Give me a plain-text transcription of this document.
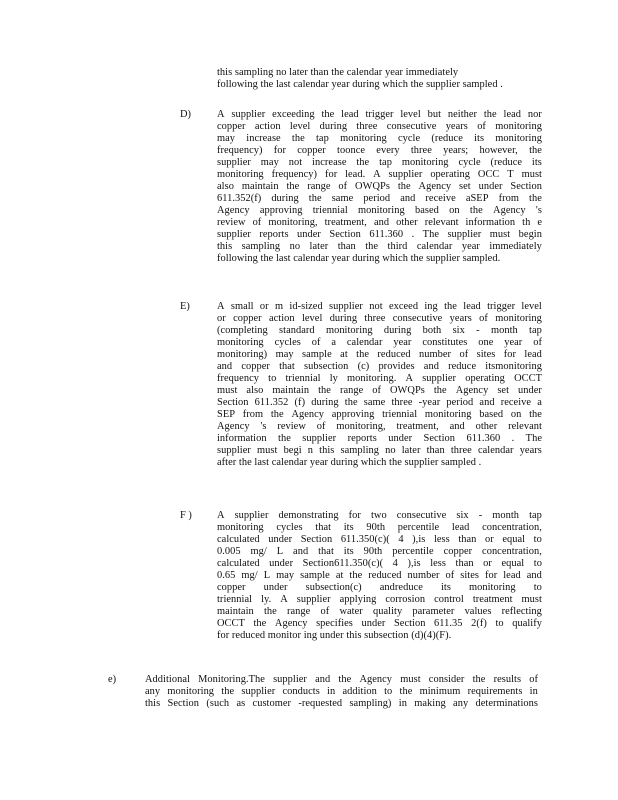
this sampling no later than the calendar year immediately
following the last calendar year during which the supplier sampled .
D)	A supplier exceeding the lead trigger level but neither the lead nor
copper action level during three consecutive years of monitoring
may increase the tap monitoring cycle (reduce its monitoring
frequency) for copper toonce every three years; however, the
supplier may not increase the tap monitoring cycle (reduce its
monitoring frequency) for lead. A supplier operating OCC T must
also maintain the range of OWQPs the Agency set under Section
611.352(f) during the same period and receive aSEP from the
Agency approving triennial monitoring based on the Agency 's
review of monitoring, treatment, and other relevant information th e
supplier reports under Section 611.360 . The supplier must begin
this sampling no later than the third calendar year immediately
following the last calendar year during which the supplier sampled.
E)	A small or m id-sized supplier not exceed ing the lead trigger level
or copper action level during three consecutive years of monitoring
(completing standard monitoring during both six - month tap
monitoring cycles of a calendar year constitutes one year of
monitoring) may sample at the reduced number of sites for lead
and copper that subsection (c) provides and reduce itsmonitoring
frequency to triennial ly monitoring. A supplier operating OCCT
must also maintain the range of OWQPs the Agency set under
Section 611.352 (f) during the same three -year period and receive a
SEP from the Agency approving triennial monitoring based on the
Agency 's review of monitoring, treatment, and other relevant
information the supplier reports under Section 611.360 . The
supplier must begi n this sampling no later than three calendar years
after the last calendar year during which the supplier sampled .
F ) A supplier demonstrating for two consecutive six - month tap
monitoring cycles that its 90th percentile lead concentration,
calculated under Section 611.350(c)( 4 ),is less than or equal to
0.005 mg/ L and that its 90th percentile copper concentration,
calculated under Section611.350(c)( 4 ),is less than or equal to
0.65 mg/ L may sample at the reduced number of sites for lead and
copper under subsection(c) andreduce its monitoring to
triennial ly. A supplier applying corrosion control treatment must
maintain the range of water quality parameter values reflecting
OCCT the Agency specifies under Section 611.35 2(f) to qualify
for reduced monitor ing under this subsection (d)(4)(F).
e)	Additional Monitoring.The supplier and the Agency must consider the results of
any monitoring the supplier conducts in addition to the minimum requirements in
this Section (such as customer -requested sampling) in making any determinations
